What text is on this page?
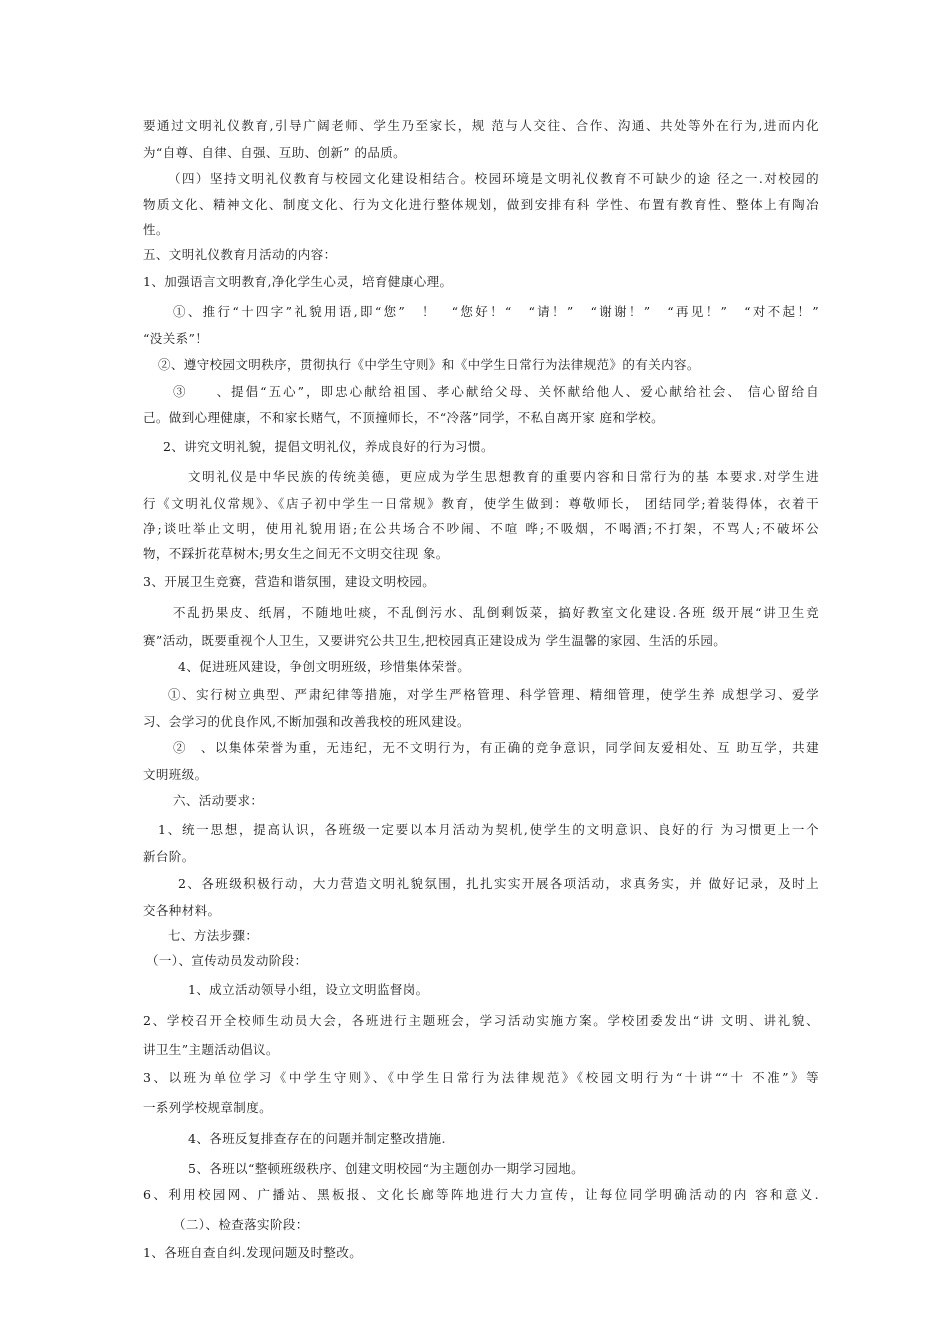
要通过文明礼仪教育,引导广阔老师、学生乃至家长，规 范与人交往、合作、沟通、共处等外在行为,进而内化

为“自尊、自律、自强、互助、创新” 的品质。

（四）坚持文明礼仪教育与校园文化建设相结合。校园环境是文明礼仪教育不可缺少的途 径之一.对校园的

物质文化、精神文化、制度文化、行为文化进行整体规划，做到安排有科 学性、布置有教育性、整体上有陶冶

性。

五、文明礼仪教育月活动的内容：

1、加强语言文明教育,净化学生心灵，培育健康心理。

①、推行“十四字”礼貌用语,即“您”　！　“您好！“　“请！”　“谢谢！”　“再见！”　“对不起！”

“没关系”！

②、遵守校园文明秩序，贯彻执行《中学生守则》和《中学生日常行为法律规范》的有关内容。

③　　、提倡“五心”，即忠心献给祖国、孝心献给父母、关怀献给他人、爱心献给社会、 信心留给自

己。做到心理健康，不和家长赌气，不顶撞师长，不“冷落”同学，不私自离开家 庭和学校。

2、讲究文明礼貌，提倡文明礼仪，养成良好的行为习惯。

文明礼仪是中华民族的传统美德，更应成为学生思想教育的重要内容和日常行为的基 本要求.对学生进

行《文明礼仪常规》、《店子初中学生一日常规》教育，使学生做到：尊敬师长， 团结同学;着装得体，衣着干

净;谈吐举止文明，使用礼貌用语;在公共场合不吵闹、不喧 哗;不吸烟，不喝酒;不打架，不骂人;不破坏公

物，不踩折花草树木;男女生之间无不文明交往现 象。

3、开展卫生竞赛，营造和谐氛围，建设文明校园。

不乱扔果皮、纸屑，不随地吐痰，不乱倒污水、乱倒剩饭菜，搞好教室文化建设.各班 级开展“讲卫生竞

赛”活动，既要重视个人卫生，又要讲究公共卫生,把校园真正建设成为 学生温馨的家园、生活的乐园。

4、促进班风建设，争创文明班级，珍惜集体荣誉。

①、实行树立典型、严肃纪律等措施，对学生严格管理、科学管理、精细管理，使学生养 成想学习、爱学

习、会学习的优良作风,不断加强和改善我校的班风建设。

②　、以集体荣誉为重，无违纪，无不文明行为，有正确的竞争意识，同学间友爱相处、互 助互学，共建

文明班级。

六、活动要求：

1、统一思想，提高认识，各班级一定要以本月活动为契机,使学生的文明意识、良好的行 为习惯更上一个

新台阶。

2、各班级积极行动，大力营造文明礼貌氛围，扎扎实实开展各项活动，求真务实，并 做好记录，及时上

交各种材料。

七、方法步骤：

（一）、宣传动员发动阶段：

1、成立活动领导小组，设立文明监督岗。

2、学校召开全校师生动员大会，各班进行主题班会，学习活动实施方案。学校团委发出“讲 文明、讲礼貌、

讲卫生”主题活动倡议。

3、以班为单位学习《中学生守则》、《中学生日常行为法律规范》《校园文明行为“十讲““十 不准”》等

一系列学校规章制度。

4、各班反复排查存在的问题并制定整改措施.

5、各班以“整顿班级秩序、创建文明校园“为主题创办一期学习园地。

6、利用校园网、广播站、黑板报、文化长廊等阵地进行大力宣传，让每位同学明确活动的内 容和意义.

（二）、检查落实阶段：

1、各班自查自纠.发现问题及时整改。
